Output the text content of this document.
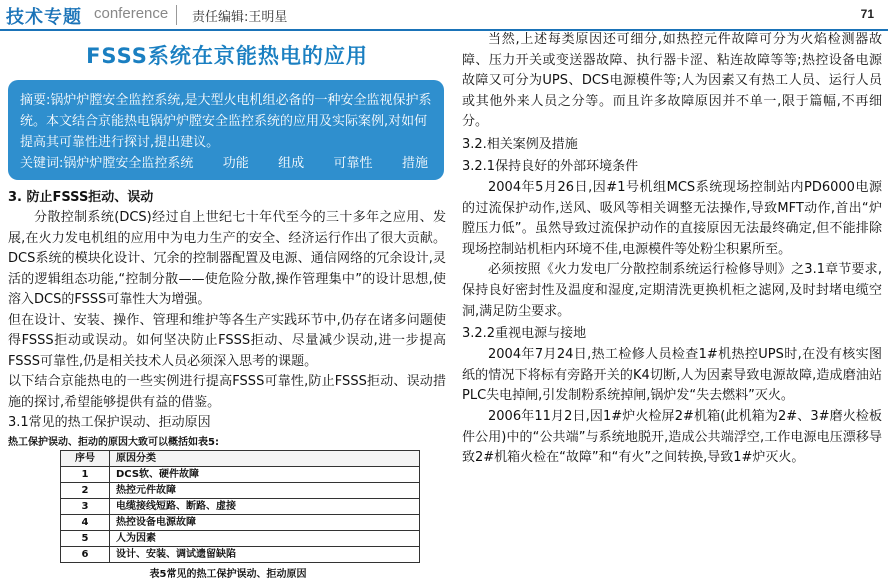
技术专题 conference 责任编辑:王明星	71
FSSS系统在京能热电的应用
摘要:锅炉炉膛安全监控系统,是大型火电机组必备的一种安全监视保护系统。本文结合京能热电锅炉炉膛安全监控系统的应用及实际案例,对如何提高其可靠性进行探讨,提出建议。
关键词:锅炉炉膛安全监控系统 功能 组成 可靠性 措施
3. 防止FSSS拒动、误动

分散控制系统(DCS)经过自上世纪七十年代至今的三十多年之应用、发展,在火力发电机组的应用中为电力生产的安全、经济运行作出了很大贡献。DCS系统的模块化设计、冗余的控制器配置及电源、通信网络的冗余设计,灵活的逻辑组态功能,“控制分散——使危险分散,操作管理集中”的设计思想,使溶入DCS的FSSS可靠性大为增强。

但在设计、安装、操作、管理和维护等各生产实践环节中,仍存在诸多问题使得FSSS拒动或误动。如何坚决防止FSSS拒动、尽量减少误动,进一步提高FSSS可靠性,仍是相关技术人员必须深入思考的课题。

以下结合京能热电的一些实例进行提高FSSS可靠性,防止FSSS拒动、误动措施的探讨,希望能够提供有益的借鉴。

3.1常见的热工保护误动、拒动原因

热工保护误动、拒动的原因大致可以概括如表5:
序号	原因分类
1	DCS软、硬件故障
2	热控元件故障
3	电缆接线短路、断路、虚接
4	热控设备电源故障
5	人为因素
6	设计、安装、调试遗留缺陷
表5常见的热工保护误动、拒动原因

当然,上述每类原因还可细分,如热控元件故障可分为火焰检测器故障、压力开关或变送器故障、执行器卡涩、粘连故障等等;热控设备电源故障又可分为UPS、DCS电源模件等;人为因素又有热工人员、运行人员或其他外来人员之分等。而且许多故障原因并不单一,限于篇幅,不再细分。

3.2.相关案例及措施
3.2.1保持良好的外部环境条件

2004年5月26日,因#1号机组MCS系统现场控制站内PD6000电源的过流保护动作,送风、吸风等相关调整无法操作,导致MFT动作,首出“炉膛压力低”。虽然导致过流保护动作的直接原因无法最终确定,但不能排除现场控制站机柜内环境不佳,电源模件等处粉尘积累所至。

必须按照《火力发电厂分散控制系统运行检修导则》之3.1章节要求,保持良好密封性及温度和湿度,定期清洗更换机柜之滤网,及时封堵电缆空洞,满足防尘要求。

3.2.2重视电源与接地

2004年7月24日,热工检修人员检查1#机热控UPS时,在没有核实图纸的情况下将标有旁路开关的K4切断,人为因素导致电源故障,造成磨油站PLC失电掉闸,引发制粉系统掉闸,锅炉发“失去燃料”灭火。

2006年11月2日,因1#炉火检屏2#机箱(此机箱为2#、3#磨火检板件公用)中的“公共端”与系统地脱开,造成公共端浮空,工作电源电压漂移导致2#机箱火检在“故障”和“有火”之间转换,导致1#炉灭火。
